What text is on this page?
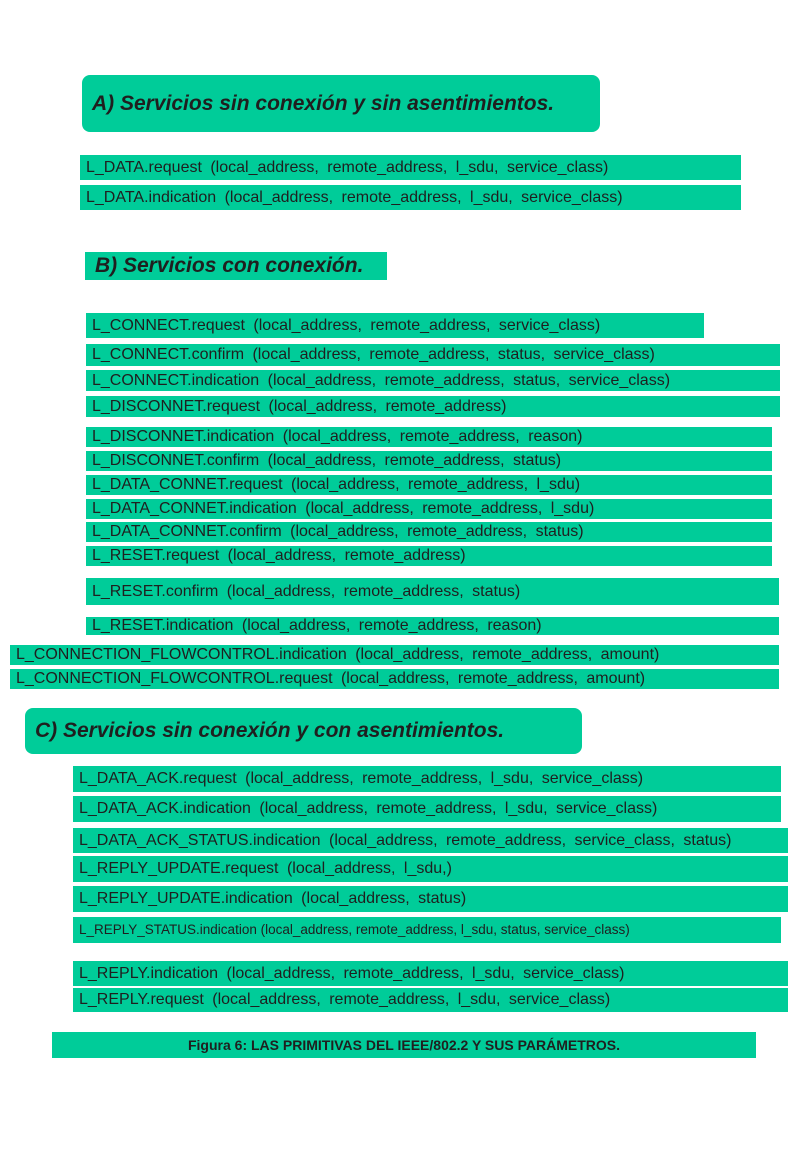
A) Servicios sin conexión y sin asentimientos.
L_DATA.request (local_address, remote_address, l_sdu, service_class)
L_DATA.indication (local_address, remote_address, l_sdu, service_class)
B) Servicios con conexión.
L_CONNECT.request (local_address, remote_address, service_class)
L_CONNECT.confirm (local_address, remote_address, status, service_class)
L_CONNECT.indication (local_address, remote_address, status, service_class)
L_DISCONNET.request (local_address, remote_address)
L_DISCONNET.indication (local_address, remote_address, reason)
L_DISCONNET.confirm (local_address, remote_address, status)
L_DATA_CONNET.request (local_address, remote_address, l_sdu)
L_DATA_CONNET.indication (local_address, remote_address, l_sdu)
L_DATA_CONNET.confirm (local_address, remote_address, status)
L_RESET.request (local_address, remote_address)
L_RESET.confirm (local_address, remote_address, status)
L_RESET.indication (local_address, remote_address, reason)
L_CONNECTION_FLOWCONTROL.indication (local_address, remote_address, amount)
L_CONNECTION_FLOWCONTROL.request (local_address, remote_address, amount)
C) Servicios sin conexión y con asentimientos.
L_DATA_ACK.request (local_address, remote_address, l_sdu, service_class)
L_DATA_ACK.indication (local_address, remote_address, l_sdu, service_class)
L_DATA_ACK_STATUS.indication (local_address, remote_address, service_class, status)
L_REPLY_UPDATE.request (local_address, l_sdu,)
L_REPLY_UPDATE.indication (local_address, status)
L_REPLY_STATUS.indication (local_address, remote_address, l_sdu, status, service_class)
L_REPLY.indication (local_address, remote_address, l_sdu, service_class)
L_REPLY.request (local_address, remote_address, l_sdu, service_class)
Figura 6: LAS PRIMITIVAS DEL IEEE/802.2 Y SUS PARÁMETROS.
